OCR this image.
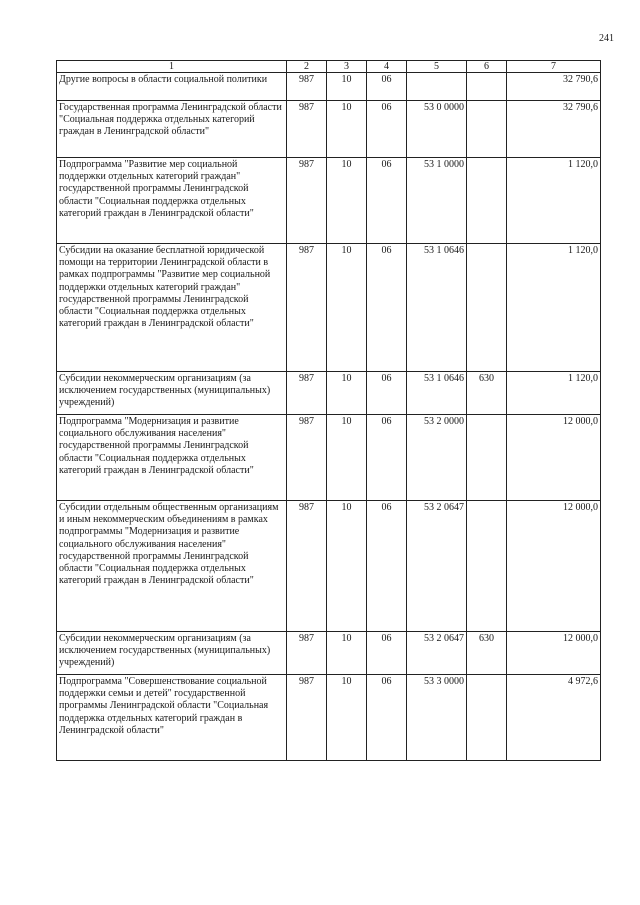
241
1	2	3	4	5	6	7
Другие вопросы в области социальной политики	987	10	06			32 790,6
Государственная программа Ленинградской области "Социальная поддержка отдельных категорий граждан в Ленинградской области"	987	10	06	53 0 0000		32 790,6
Подпрограмма "Развитие мер социальной поддержки отдельных категорий граждан" государственной программы Ленинградской области "Социальная поддержка отдельных категорий граждан в Ленинградской области"	987	10	06	53 1 0000		1 120,0
Субсидии на оказание бесплатной юридической помощи на территории Ленинградской области в рамках подпрограммы "Развитие мер социальной поддержки отдельных категорий граждан" государственной программы Ленинградской области "Социальная поддержка отдельных категорий граждан в Ленинградской области"	987	10	06	53 1 0646		1 120,0
Субсидии некоммерческим организациям (за исключением государственных (муниципальных) учреждений)	987	10	06	53 1 0646	630	1 120,0
Подпрограмма "Модернизация и развитие социального обслуживания населения" государственной программы Ленинградской области "Социальная поддержка отдельных категорий граждан в Ленинградской области"	987	10	06	53 2 0000		12 000,0
Субсидии отдельным общественным организациям и иным некоммерческим объединениям в рамках подпрограммы "Модернизация и развитие социального обслуживания населения" государственной программы Ленинградской области "Социальная поддержка отдельных категорий граждан в Ленинградской области"	987	10	06	53 2 0647		12 000,0
Субсидии некоммерческим организациям (за исключением государственных (муниципальных) учреждений)	987	10	06	53 2 0647	630	12 000,0
Подпрограмма "Совершенствование социальной поддержки семьи и детей" государственной программы Ленинградской области "Социальная поддержка отдельных категорий граждан в Ленинградской области"	987	10	06	53 3 0000		4 972,6
